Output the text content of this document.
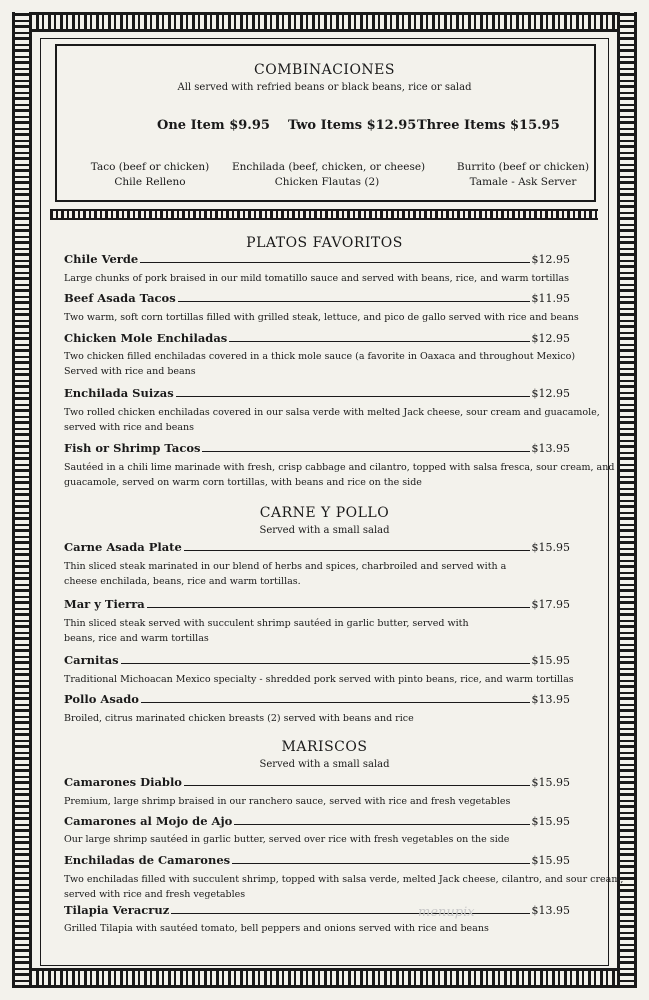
COMBINACIONES
All served with refried beans or black beans, rice or salad
One Item $9.95 Two Items $12.95 Three Items $15.95
Taco (beef or chicken)
Chile Relleno
Enchilada (beef, chicken, or cheese)
Chicken Flautas (2)
Burrito (beef or chicken)
Tamale - Ask Server
PLATOS FAVORITOS
Chile Verde	$12.95
Large chunks of pork braised in our mild tomatillo sauce and served with beans, rice, and warm tortillas
Beef Asada Tacos	$11.95
Two warm, soft corn tortillas filled with grilled steak, lettuce, and pico de gallo served with rice and beans
Chicken Mole Enchiladas	$12.95
Two chicken filled enchiladas covered in a thick mole sauce (a favorite in Oaxaca and throughout Mexico)
Served with rice and beans
Enchilada Suizas	$12.95
Two rolled chicken enchiladas covered in our salsa verde with melted Jack cheese, sour cream and guacamole,
served with rice and beans
Fish or Shrimp Tacos	$13.95
Sautéed in a chili lime marinade with fresh, crisp cabbage and cilantro, topped with salsa fresca, sour cream, and
guacamole, served on warm corn tortillas, with beans and rice on the side
CARNE Y POLLO
Served with a small salad
Carne Asada Plate	$15.95
Thin sliced steak marinated in our blend of herbs and spices, charbroiled and served with a
cheese enchilada, beans, rice and warm tortillas.
Mar y Tierra	$17.95
Thin sliced steak served with succulent shrimp sautéed in garlic butter, served with
beans, rice and warm tortillas
Carnitas	$15.95
Traditional Michoacan Mexico specialty - shredded pork served with pinto beans, rice, and warm tortillas
Pollo Asado	$13.95
Broiled, citrus marinated chicken breasts (2) served with beans and rice
MARISCOS
Served with a small salad
Camarones Diablo	$15.95
Premium, large shrimp braised in our ranchero sauce, served with rice and fresh vegetables
Camarones al Mojo de Ajo	$15.95
Our large shrimp sautéed in garlic butter, served over rice with fresh vegetables on the side
Enchiladas de Camarones	$15.95
Two enchiladas filled with succulent shrimp, topped with salsa verde, melted Jack cheese, cilantro, and sour cream,
served with rice and fresh vegetables
Tilapia Veracruz	$13.95
Grilled Tilapia with sautéed tomato, bell peppers and onions served with rice and beans
menupix
